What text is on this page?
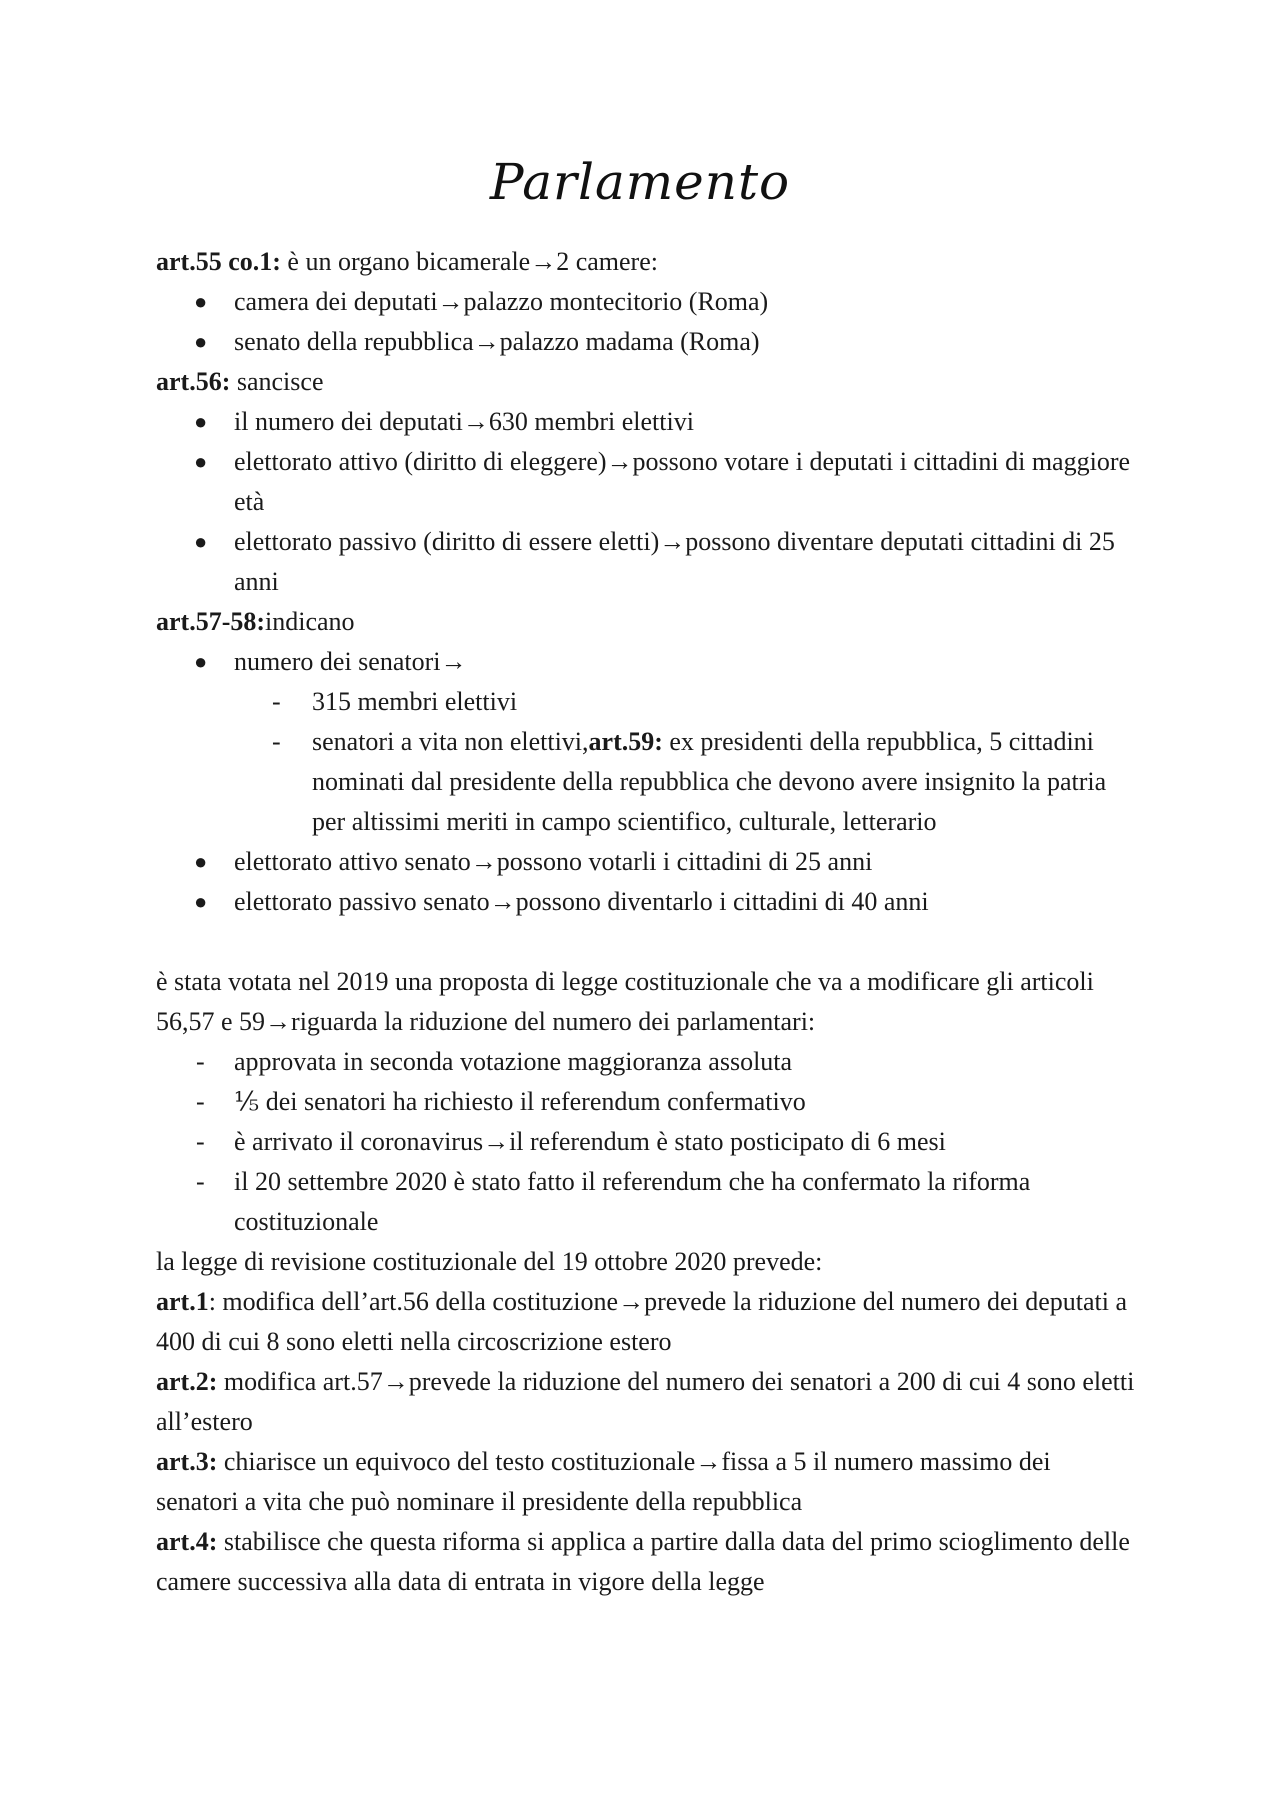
Parlamento

art.55 co.1: è un organo bicamerale→2 camere:

● camera dei deputati→palazzo montecitorio (Roma)
● senato della repubblica→palazzo madama (Roma)

art.56: sancisce

● il numero dei deputati→630 membri elettivi
● elettorato attivo (diritto di eleggere)→possono votare i deputati i cittadini di maggiore età
● elettorato passivo (diritto di essere eletti)→possono diventare deputati cittadini di 25 anni

art.57-58:indicano

● numero dei senatori→
- 315 membri elettivi
- senatori a vita non elettivi,art.59: ex presidenti della repubblica, 5 cittadini nominati dal presidente della repubblica che devono avere insignito la patria per altissimi meriti in campo scientifico, culturale, letterario
● elettorato attivo senato→possono votarli i cittadini di 25 anni
● elettorato passivo senato→possono diventarlo i cittadini di 40 anni

è stata votata nel 2019 una proposta di legge costituzionale che va a modificare gli articoli 56,57 e 59→riguarda la riduzione del numero dei parlamentari:

- approvata in seconda votazione maggioranza assoluta
- ⅕ dei senatori ha richiesto il referendum confermativo
- è arrivato il coronavirus→il referendum è stato posticipato di 6 mesi
- il 20 settembre 2020 è stato fatto il referendum che ha confermato la riforma costituzionale

la legge di revisione costituzionale del 19 ottobre 2020 prevede:

art.1: modifica dell’art.56 della costituzione→prevede la riduzione del numero dei deputati a 400 di cui 8 sono eletti nella circoscrizione estero

art.2: modifica art.57→prevede la riduzione del numero dei senatori a 200 di cui 4 sono eletti all’estero

art.3: chiarisce un equivoco del testo costituzionale→fissa a 5 il numero massimo dei senatori a vita che può nominare il presidente della repubblica

art.4: stabilisce che questa riforma si applica a partire dalla data del primo scioglimento delle camere successiva alla data di entrata in vigore della legge
